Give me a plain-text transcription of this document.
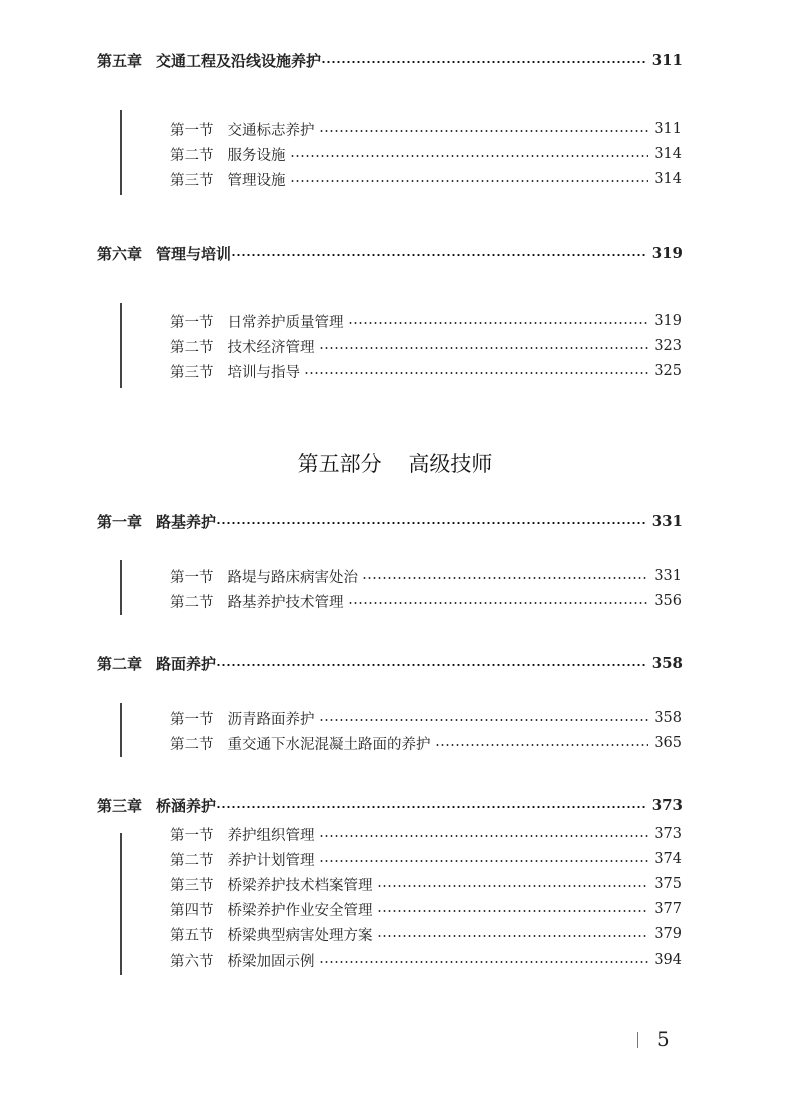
第五章 交通工程及沿线设施养护	311
第一节 交通标志养护	311
第二节 服务设施	314
第三节 管理设施	314
第六章 管理与培训	319
第一节 日常养护质量管理	319
第二节 技术经济管理	323
第三节 培训与指导	325
第一章 路基养护	331
第一节 路堤与路床病害处治	331
第二节 路基养护技术管理	356
第二章 路面养护	358
第一节 沥青路面养护	358
第二节 重交通下水泥混凝土路面的养护	365
第三章 桥涵养护	373
第一节 养护组织管理	373
第二节 养护计划管理	374
第三节 桥梁养护技术档案管理	375
第四节 桥梁养护作业安全管理	377
第五节 桥梁典型病害处理方案	379
第六节 桥梁加固示例	394
第五部分 高级技师
5
